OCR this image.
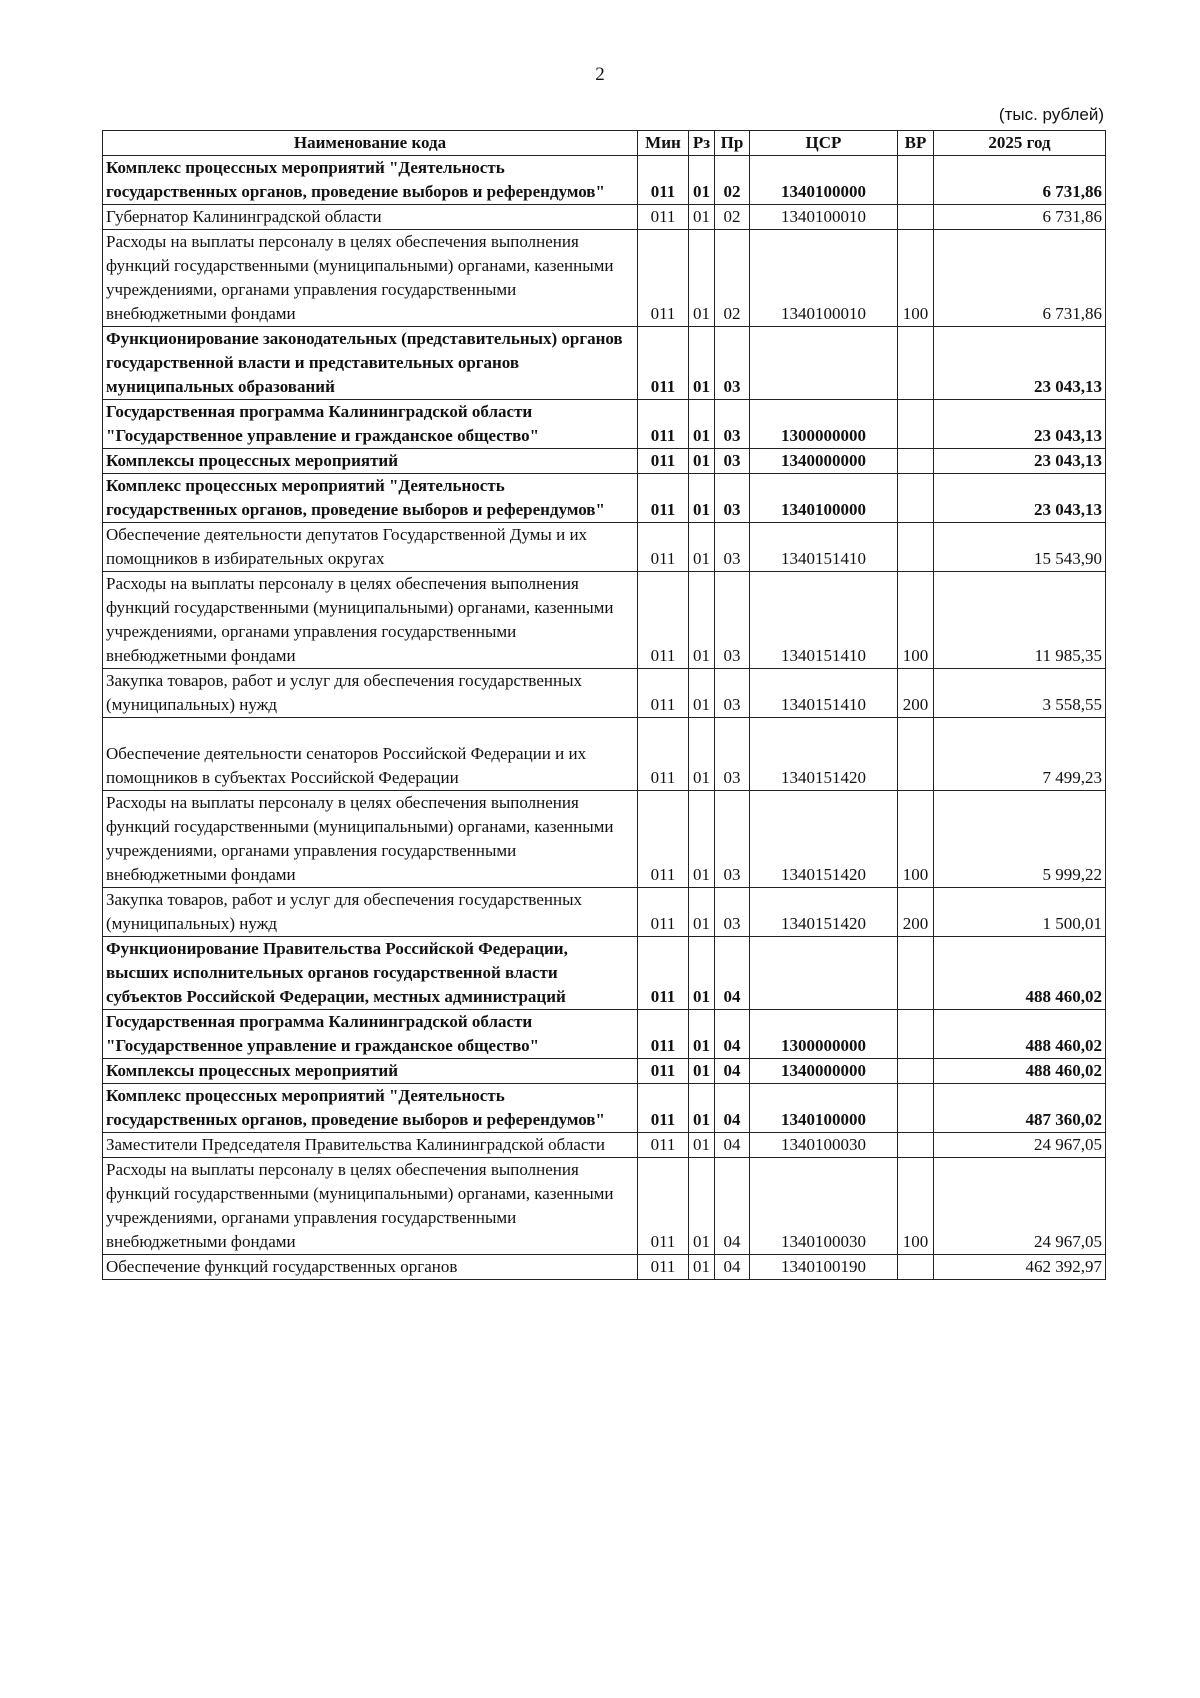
2
(тыс. рублей)
Наименование кода	Мин	Рз	Пр	ЦСР	ВР	2025 год
Комплекс процессных мероприятий "Деятельность государственных органов, проведение выборов и референдумов"	011	01	02	1340100000		6 731,86
Губернатор Калининградской области	011	01	02	1340100010		6 731,86
Расходы на выплаты персоналу в целях обеспечения выполнения функций государственными (муниципальными) органами, казенными учреждениями, органами управления государственными внебюджетными фондами	011	01	02	1340100010	100	6 731,86
Функционирование законодательных (представительных) органов государственной власти и представительных органов муниципальных образований	011	01	03			23 043,13
Государственная программа Калининградской области "Государственное управление и гражданское общество"	011	01	03	1300000000		23 043,13
Комплексы процессных мероприятий	011	01	03	1340000000		23 043,13
Комплекс процессных мероприятий "Деятельность государственных органов, проведение выборов и референдумов"	011	01	03	1340100000		23 043,13
Обеспечение деятельности депутатов Государственной Думы и их помощников в избирательных округах	011	01	03	1340151410		15 543,90
Расходы на выплаты персоналу в целях обеспечения выполнения функций государственными (муниципальными) органами, казенными учреждениями, органами управления государственными внебюджетными фондами	011	01	03	1340151410	100	11 985,35
Закупка товаров, работ и услуг для обеспечения государственных (муниципальных) нужд	011	01	03	1340151410	200	3 558,55
Обеспечение деятельности сенаторов Российской Федерации и их помощников в субъектах Российской Федерации	011	01	03	1340151420		7 499,23
Расходы на выплаты персоналу в целях обеспечения выполнения функций государственными (муниципальными) органами, казенными учреждениями, органами управления государственными внебюджетными фондами	011	01	03	1340151420	100	5 999,22
Закупка товаров, работ и услуг для обеспечения государственных (муниципальных) нужд	011	01	03	1340151420	200	1 500,01
Функционирование Правительства Российской Федерации, высших исполнительных органов государственной власти субъектов Российской Федерации, местных администраций	011	01	04			488 460,02
Государственная программа Калининградской области "Государственное управление и гражданское общество"	011	01	04	1300000000		488 460,02
Комплексы процессных мероприятий	011	01	04	1340000000		488 460,02
Комплекс процессных мероприятий "Деятельность государственных органов, проведение выборов и референдумов"	011	01	04	1340100000		487 360,02
Заместители Председателя Правительства Калининградской области	011	01	04	1340100030		24 967,05
Расходы на выплаты персоналу в целях обеспечения выполнения функций государственными (муниципальными) органами, казенными учреждениями, органами управления государственными внебюджетными фондами	011	01	04	1340100030	100	24 967,05
Обеспечение функций государственных органов	011	01	04	1340100190		462 392,97
